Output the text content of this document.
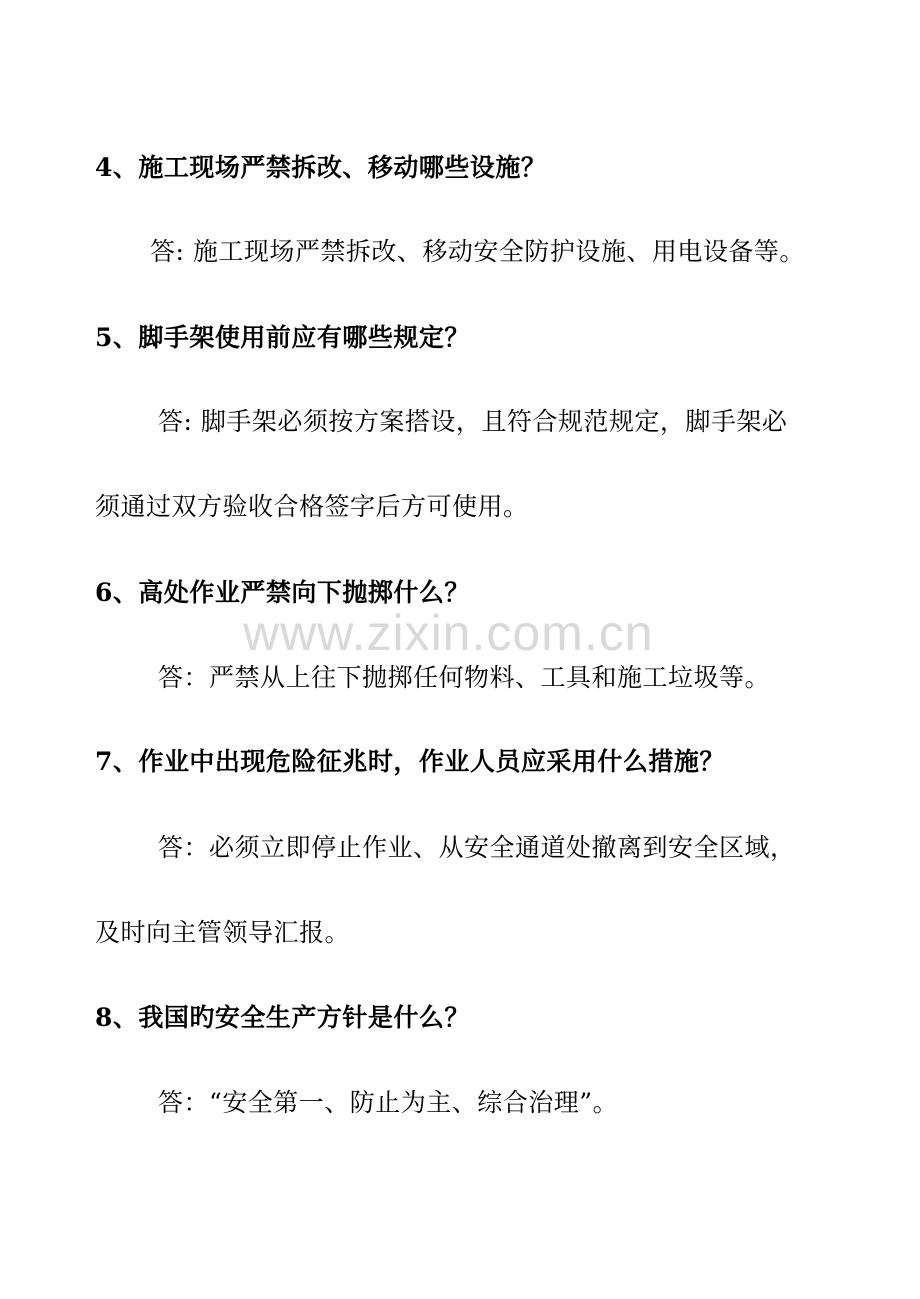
4、施工现场严禁拆改、移动哪些设施？
答: 施工现场严禁拆改、移动安全防护设施、用电设备等。
5、脚手架使用前应有哪些规定？
答: 脚手架必须按方案搭设，且符合规范规定，脚手架必
须通过双方验收合格签字后方可使用。
6、高处作业严禁向下抛掷什么？
答：严禁从上往下抛掷任何物料、工具和施工垃圾等。
7、作业中出现危险征兆时，作业人员应采用什么措施？
答：必须立即停止作业、从安全通道处撤离到安全区域，
及时向主管领导汇报。
8、我国旳安全生产方针是什么？
答：“安全第一、防止为主、综合治理”。
www.zixin.com.cn
